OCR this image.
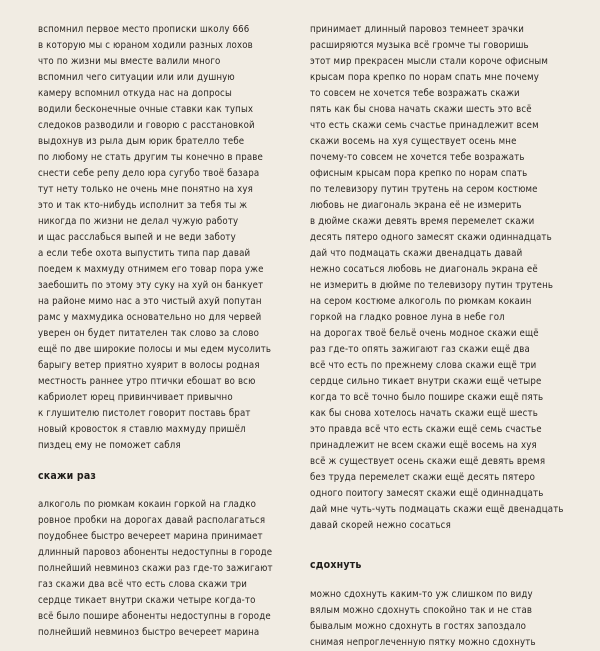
вспомнил первое место прописки школу 666
в которую мы с юраном ходили разных лохов
что по жизни мы вместе валили много
вспомнил чего ситуации или или душную
камеру вспомнил откуда нас на допросы
водили бесконечные очные ставки как тупых
следоков разводили и говорю с расстановкой
выдохнув из рыла дым юрик брателло тебе
по любому не стать другим ты конечно в праве
снести себе репу дело юра сугубо твоё базара
тут нету только не очень мне понятно на хуя
это и так кто-нибудь исполнит за тебя ты ж
никогда по жизни не делал чужую работу
и щас расслабься выпей и не веди заботу
а если тебе охота выпустить типа пар давай
поедем к махмуду отнимем его товар пора уже
заебошить по этому эту суку на хуй он банкует
на районе мимо нас а это чистый ахуй попутан
рамс у махмудика основательно но для червей
уверен он будет питателен так слово за слово
ещё по две широкие полосы и мы едем мусолить
барыгу ветер приятно хуярит в волосы родная
местность раннее утро птички ебошат во всю
кабриолет юрец привинчивает привычно
к глушителю пистолет говорит поставь брат
новый кровосток я ставлю махмуду пришёл
пиздец ему не поможет сабля
скажи раз
алкоголь по рюмкам кокаин горкой на гладко
ровное пробки на дорогах давай располагаться
поудобнее быстро вечереет марина принимает
длинный паровоз абоненты недоступны в городе
полнейший невминоз скажи раз где-то зажигают
газ скажи два всё что есть слова скажи три
сердце тикает внутри скажи четыре когда-то
всё было поширe абоненты недоступны в городе
полнейший невминоз быстро вечереет марина
принимает длинный паровоз темнеет зрачки
расширяются музыка всё громче ты говоришь
этот мир прекрасен мысли стали короче офисным
крысам пора крепко по норам спать мне почему
то совсем не хочется тебе возражать скажи
пять как бы снова начать скажи шесть это всё
что есть скажи семь счастье принадлежит всем
скажи восемь на хуя существует осень мне
почему-то совсем не хочется тебе возражать
офисным крысам пора крепко по норам спать
по телевизору путин трутень на сером костюме
любовь не диагональ экрана её не измерить
в дюйме скажи девять время перемелет скажи
десять пятеро одного замесят скажи одиннадцать
дай что подмацать скажи двенадцать давай
нежно сосаться любовь не диагональ экрана её
не измерить в дюйме по телевизору путин трутень
на сером костюме алкоголь по рюмкам кокаин
горкой на гладко ровное луна в небе гол
на дорогах твоё бельё очень модное скажи ещё
раз где-то опять зажигают газ скажи ещё два
всё что есть по прежнему слова скажи ещё три
сердце сильно тикает внутри скажи ещё четыре
когда то всё точно было поширe скажи ещё пять
как бы снова хотелось начать скажи ещё шесть
это правда всё что есть скажи ещё семь счастье
принадлежит не всем скажи ещё восемь на хуя
всё ж существует осень скажи ещё девять время
без труда перемелет скажи ещё десять пятеро
одного поитогу замесят скажи ещё одиннадцать
дай мне чуть-чуть подмацать скажи ещё двенадцать
давай скорей нежно сосаться
сдохнуть
можно сдохнуть каким-то уж слишком по виду
вялым можно сдохнуть спокойно так и не став
бывалым можно сдохнуть в гостях запоздало
снимая непроглеченную пятку можно сдохнуть
